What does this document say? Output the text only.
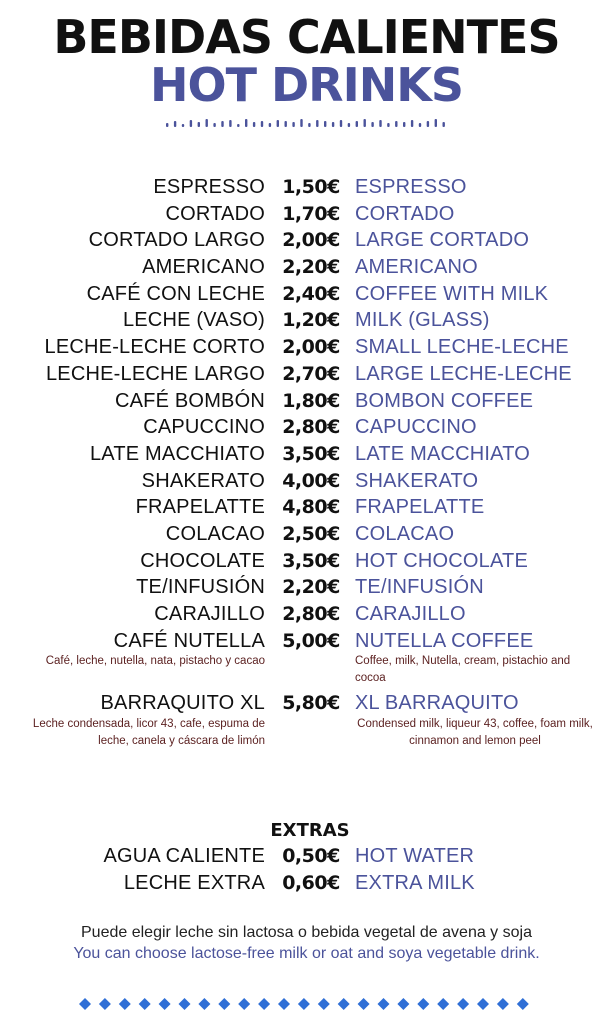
BEBIDAS CALIENTES
HOT DRINKS
ESPRESSO 1,50€ ESPRESSO
CORTADO 1,70€ CORTADO
CORTADO LARGO 2,00€ LARGE CORTADO
AMERICANO 2,20€ AMERICANO
CAFÉ CON LECHE 2,40€ COFFEE WITH MILK
LECHE (VASO) 1,20€ MILK (GLASS)
LECHE-LECHE CORTO 2,00€ SMALL LECHE-LECHE
LECHE-LECHE LARGO 2,70€ LARGE LECHE-LECHE
CAFÉ BOMBÓN 1,80€ BOMBON COFFEE
CAPUCCINO 2,80€ CAPUCCINO
LATE MACCHIATO 3,50€ LATE MACCHIATO
SHAKERATO 4,00€ SHAKERATO
FRAPELATTE 4,80€ FRAPELATTE
COLACAO 2,50€ COLACAO
CHOCOLATE 3,50€ HOT CHOCOLATE
TE/INFUSIÓN 2,20€ TE/INFUSIÓN
CARAJILLO 2,80€ CARAJILLO
CAFÉ NUTELLA 5,00€ NUTELLA COFFEE
Café, leche, nutella, nata, pistacho y cacao	Coffee, milk, Nutella, cream, pistachio and cocoa
BARRAQUITO XL 5,80€ XL BARRAQUITO
Leche condensada, licor 43, cafe, espuma de leche, canela y cáscara de limón
Condensed milk, liqueur 43, coffee, foam milk, cinnamon and lemon peel
EXTRAS
AGUA CALIENTE 0,50€ HOT WATER
LECHE EXTRA 0,60€ EXTRA MILK
Puede elegir leche sin lactosa o bebida vegetal de avena y soja
You can choose lactose-free milk or oat and soya vegetable drink.
